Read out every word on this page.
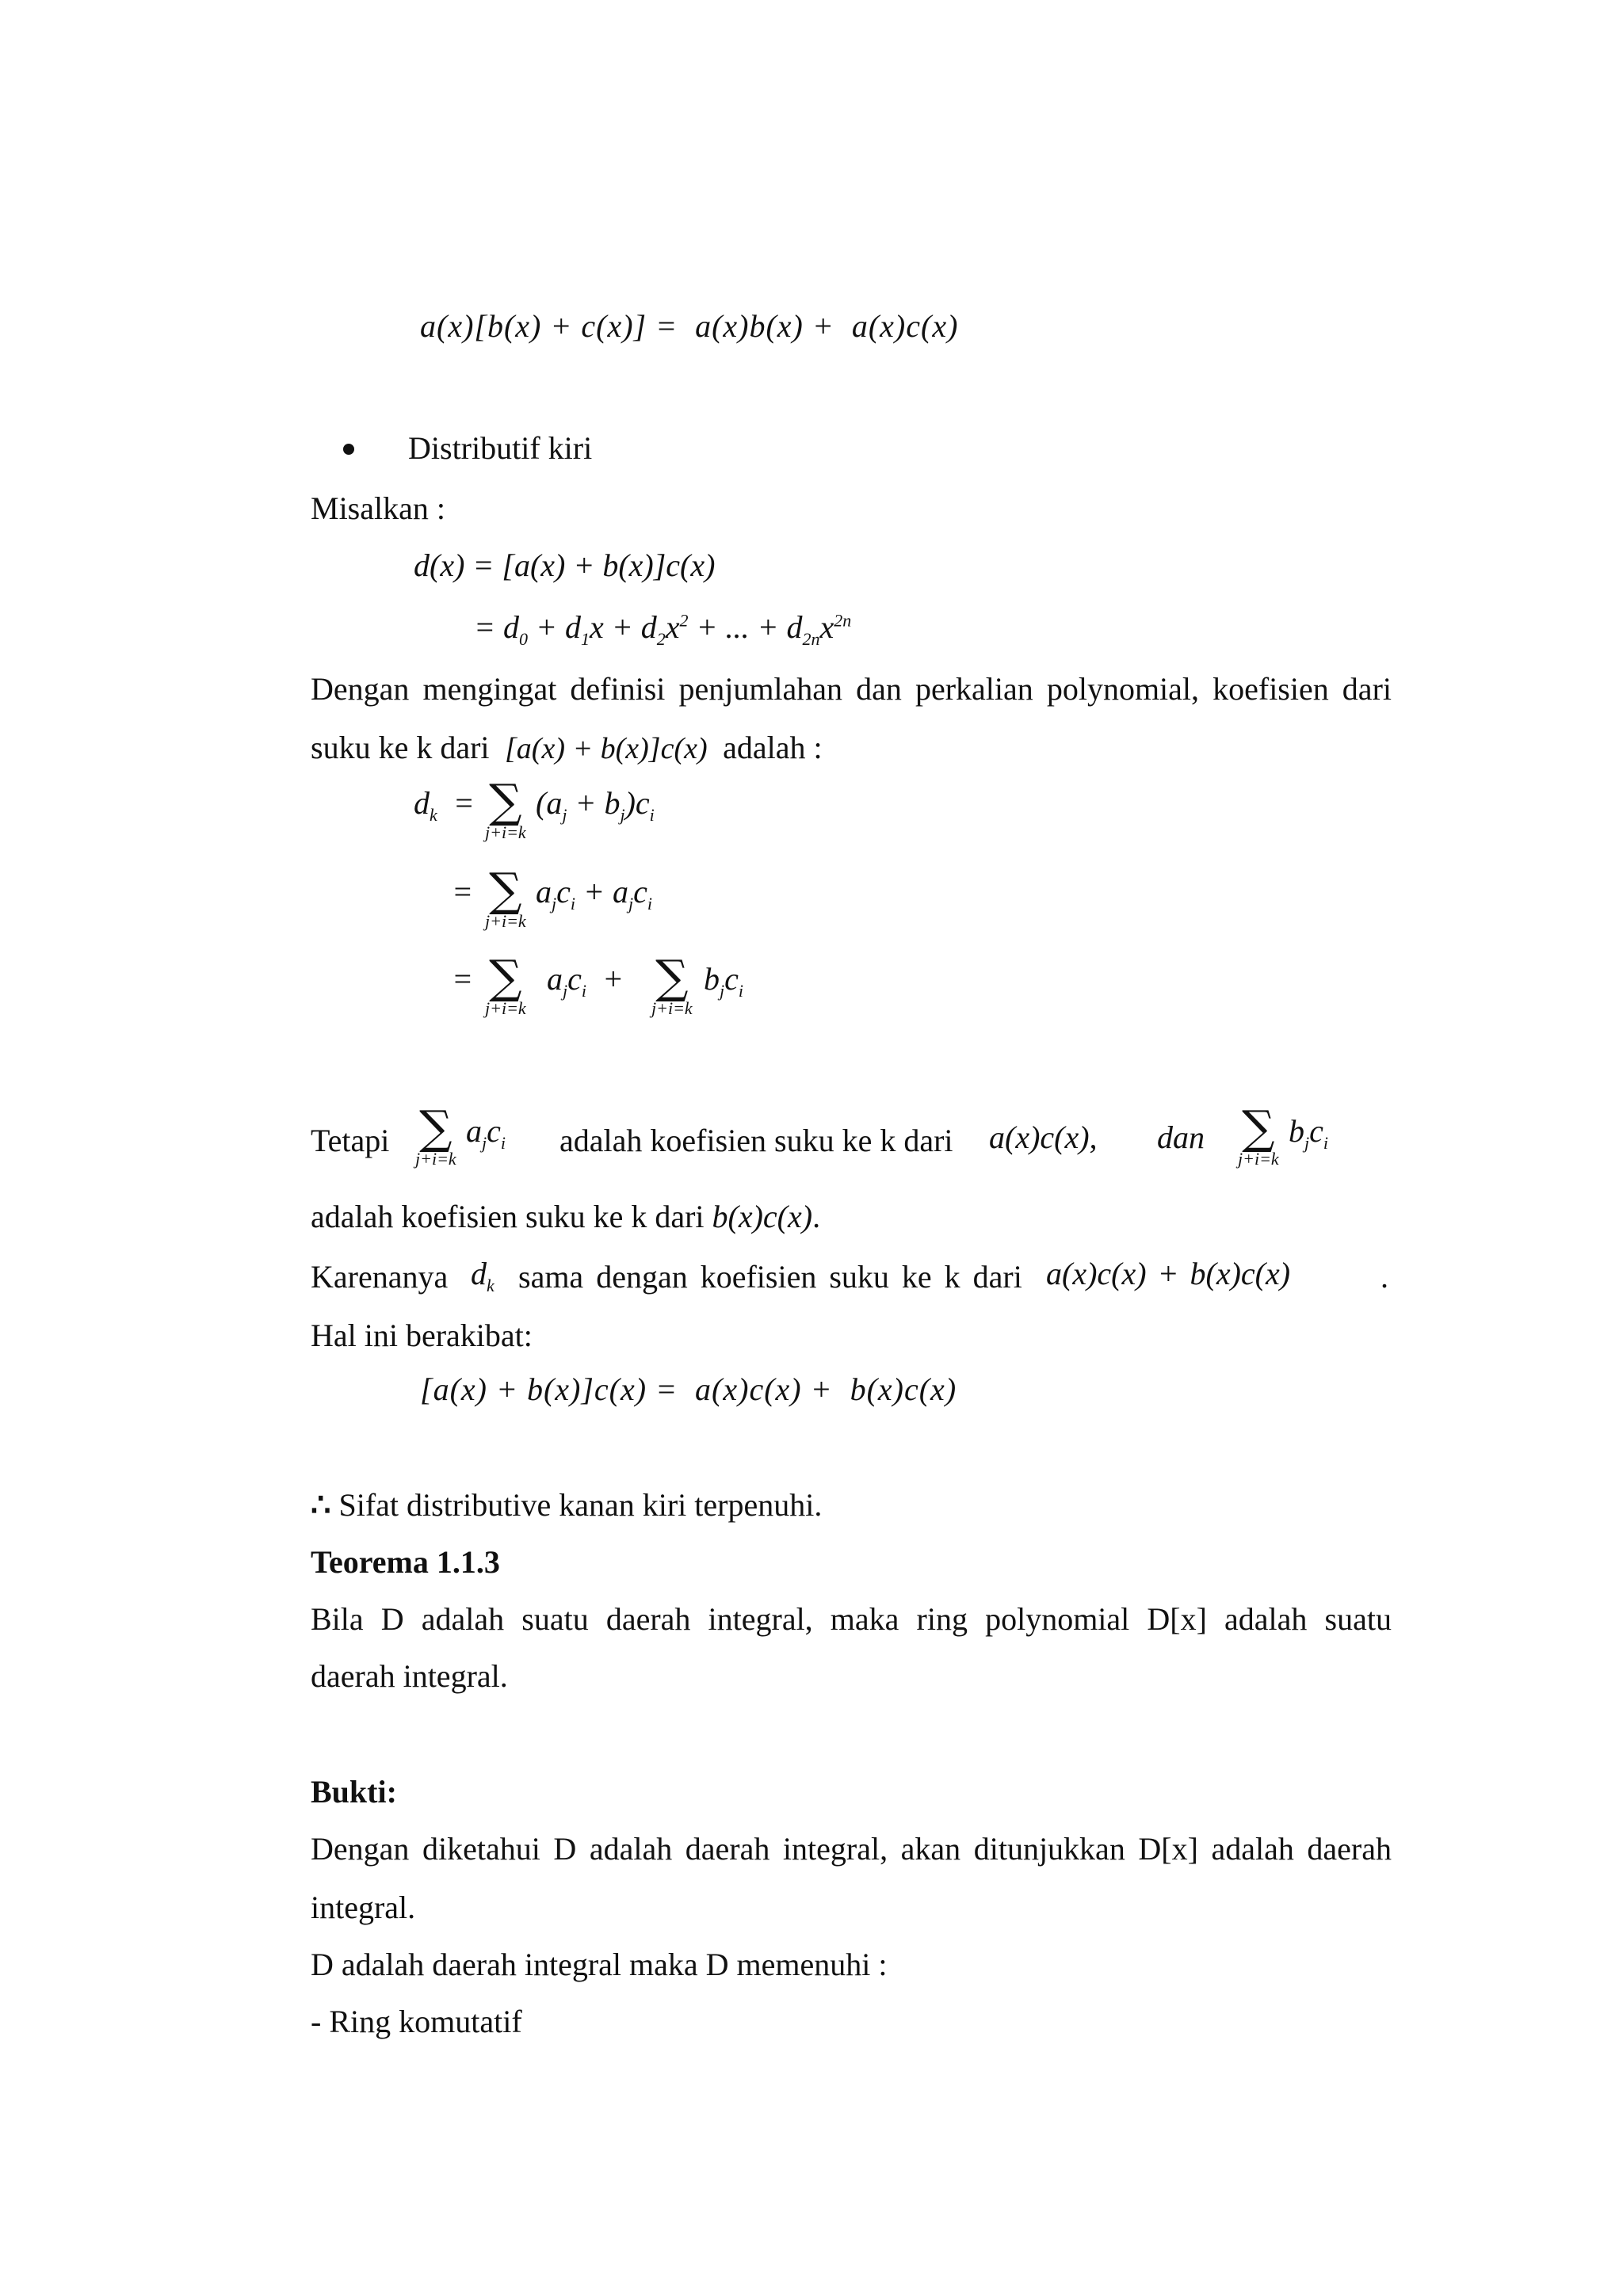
a(x)[b(x) + c(x)] =  a(x)b(x) +  a(x)c(x)
Distributif kiri
Misalkan :
d(x) = [a(x) + b(x)]c(x)
= $d_0 + d_1x + d_2x^2$ + ... + $d_{2n}x^{2n}$
Dengan mengingat definisi penjumlahan dan perkalian polynomial, koefisien dari
suku ke k dari  [a(x) + b(x)]c(x)  adalah :
$d_k$  = ∑
j+i=k
$(a_j + b_j)c_i$
= ∑
j+i=k
$a_jc_i + a_jc_i$
= ∑
j+i=k
$a_jc_i$  + ∑
j+i=k
$b_jc_i$
Tetapi ∑
j+i=k
$a_jc_i$ adalah koefisien suku ke k dari a(x)c(x), dan ∑
j+i=k
$b_jc_i$
adalah koefisien suku ke k dari b(x)c(x).
Karenanya $d_k$ sama dengan koefisien suku ke k dari a(x)c(x) + b(x)c(x)	.
Hal ini berakibat:
[a(x) + b(x)]c(x) =  a(x)c(x) +  b(x)c(x)
∴ Sifat distributive kanan kiri terpenuhi.
Teorema 1.1.3
Bila D adalah suatu daerah integral, maka ring polynomial D[x] adalah suatu
daerah integral.
Bukti:
Dengan diketahui D adalah daerah integral, akan ditunjukkan D[x] adalah daerah
integral.
D adalah daerah integral maka D memenuhi :
- Ring komutatif
